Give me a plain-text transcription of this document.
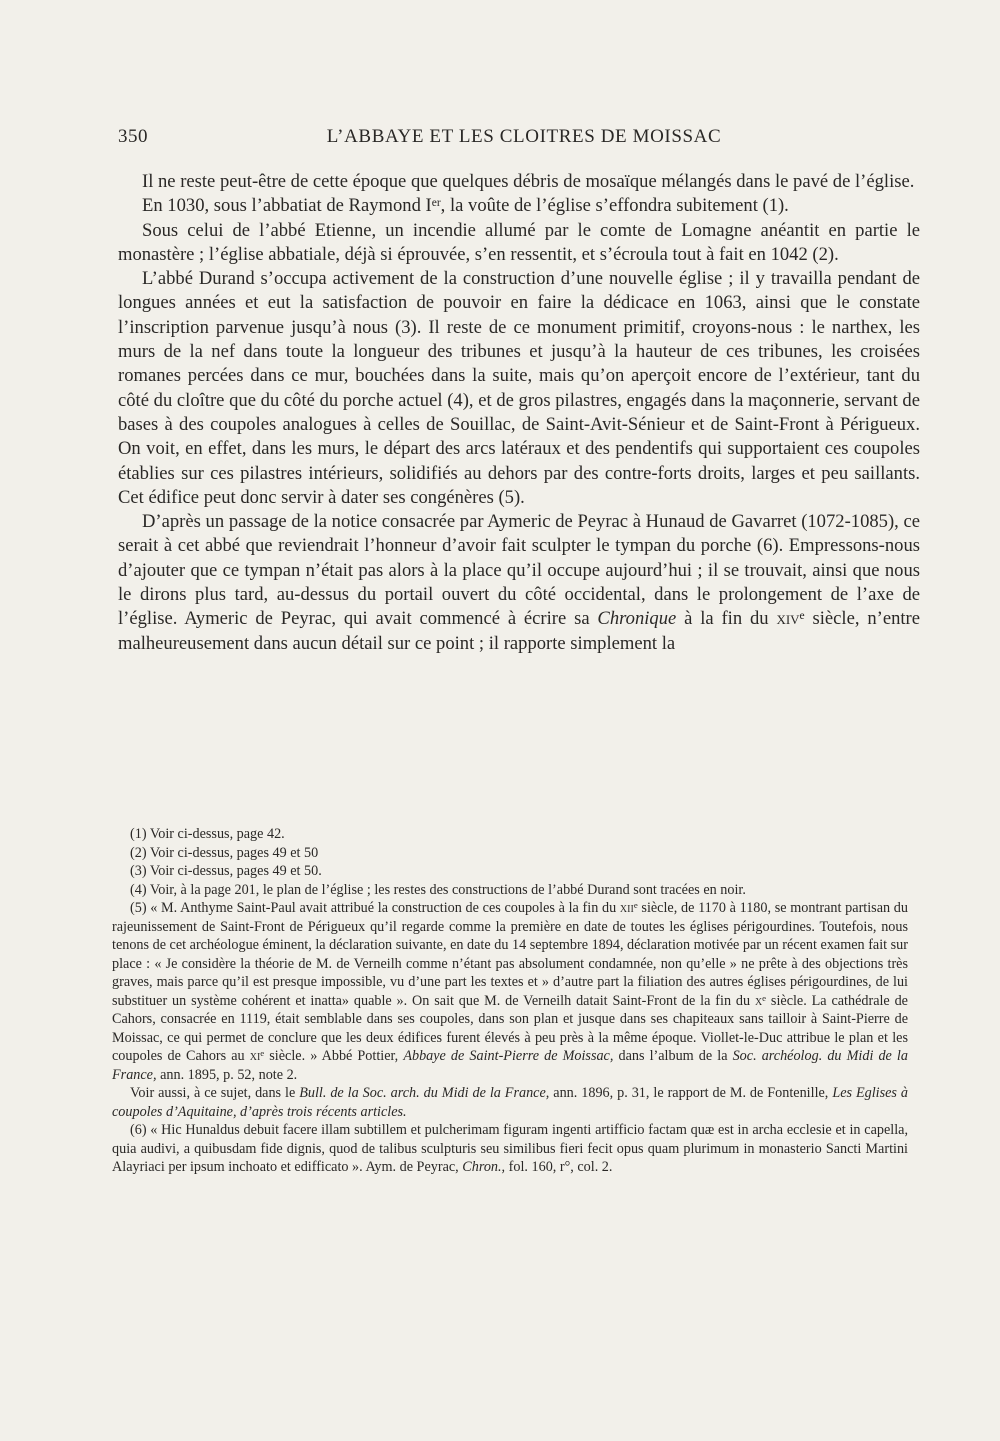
350	L’ABBAYE ET LES CLOITRES DE MOISSAC

Il ne reste peut-être de cette époque que quelques débris de mosaïque mélangés dans le pavé de l’église.

En 1030, sous l’abbatiat de Raymond Ier, la voûte de l’église s’effondra subitement (1).

Sous celui de l’abbé Etienne, un incendie allumé par le comte de Lomagne anéantit en partie le monastère ; l’église abbatiale, déjà si éprouvée, s’en ressentit, et s’écroula tout à fait en 1042 (2).

L’abbé Durand s’occupa activement de la construction d’une nouvelle église ; il y travailla pendant de longues années et eut la satisfaction de pouvoir en faire la dédicace en 1063, ainsi que le constate l’inscription parvenue jusqu’à nous (3). Il reste de ce monument primitif, croyons-nous : le narthex, les murs de la nef dans toute la longueur des tribunes et jusqu’à la hauteur de ces tribunes, les croisées romanes percées dans ce mur, bouchées dans la suite, mais qu’on aperçoit encore de l’extérieur, tant du côté du cloître que du côté du porche actuel (4), et de gros pilastres, engagés dans la maçonnerie, servant de bases à des coupoles analogues à celles de Souillac, de Saint-Avit-Sénieur et de Saint-Front à Périgueux. On voit, en effet, dans les murs, le départ des arcs latéraux et des pendentifs qui supportaient ces coupoles établies sur ces pilastres intérieurs, solidifiés au dehors par des contre-forts droits, larges et peu saillants. Cet édifice peut donc servir à dater ses congénères (5).

D’après un passage de la notice consacrée par Aymeric de Peyrac à Hunaud de Gavarret (1072-1085), ce serait à cet abbé que reviendrait l’honneur d’avoir fait sculpter le tympan du porche (6). Empressons-nous d’ajouter que ce tympan n’était pas alors à la place qu’il occupe aujourd’hui ; il se trouvait, ainsi que nous le dirons plus tard, au-dessus du portail ouvert du côté occidental, dans le prolongement de l’axe de l’église. Aymeric de Peyrac, qui avait commencé à écrire sa Chronique à la fin du xiv$^e$ siècle, n’entre malheureusement dans aucun détail sur ce point ; il rapporte simplement la

(1) Voir ci-dessus, page 42.

(2) Voir ci-dessus, pages 49 et 50

(3) Voir ci-dessus, pages 49 et 50.

(4) Voir, à la page 201, le plan de l’église ; les restes des constructions de l’abbé Durand sont tracées en noir.

(5) « M. Anthyme Saint-Paul avait attribué la construction de ces coupoles à la fin du xii$^e$ siècle, de 1170 à 1180, se montrant partisan du rajeunissement de Saint-Front de Périgueux qu’il regarde comme la première en date de toutes les églises périgourdines. Toutefois, nous tenons de cet archéologue éminent, la déclaration suivante, en date du 14 septembre 1894, déclaration motivée par un récent examen fait sur place : « Je considère la théorie de M. de Verneilh comme n’étant pas absolument condamnée, non qu’elle » ne prête à des objections très graves, mais parce qu’il est presque impossible, vu d’une part les textes et » d’autre part la filiation des autres églises périgourdines, de lui substituer un système cohérent et inatta» quable ». On sait que M. de Verneilh datait Saint-Front de la fin du $x^e$ siècle. La cathédrale de Cahors, consacrée en 1119, était semblable dans ses coupoles, dans son plan et jusque dans ses chapiteaux sans tailloir à Saint-Pierre de Moissac, ce qui permet de conclure que les deux édifices furent élevés à peu près à la même époque. Viollet-le-Duc attribue le plan et les coupoles de Cahors au $xi^e$ siècle. » Abbé Pottier, Abbaye de Saint-Pierre de Moissac, dans l’album de la Soc. archéolog. du Midi de la France, ann. 1895, p. 52, note 2.

Voir aussi, à ce sujet, dans le Bull. de la Soc. arch. du Midi de la France, ann. 1896, p. 31, le rapport de M. de Fontenille, Les Eglises à coupoles d’Aquitaine, d’après trois récents articles.

(6) « Hic Hunaldus debuit facere illam subtillem et pulcherimam figuram ingenti artifficio factam quæ est in archa ecclesie et in capella, quia audivi, a quibusdam fide dignis, quod de talibus sculpturis seu similibus fieri fecit opus quam plurimum in monasterio Sancti Martini Alayriaci per ipsum inchoato et edifficato ». Aym. de Peyrac, Chron., fol. 160, r°, col. 2.
